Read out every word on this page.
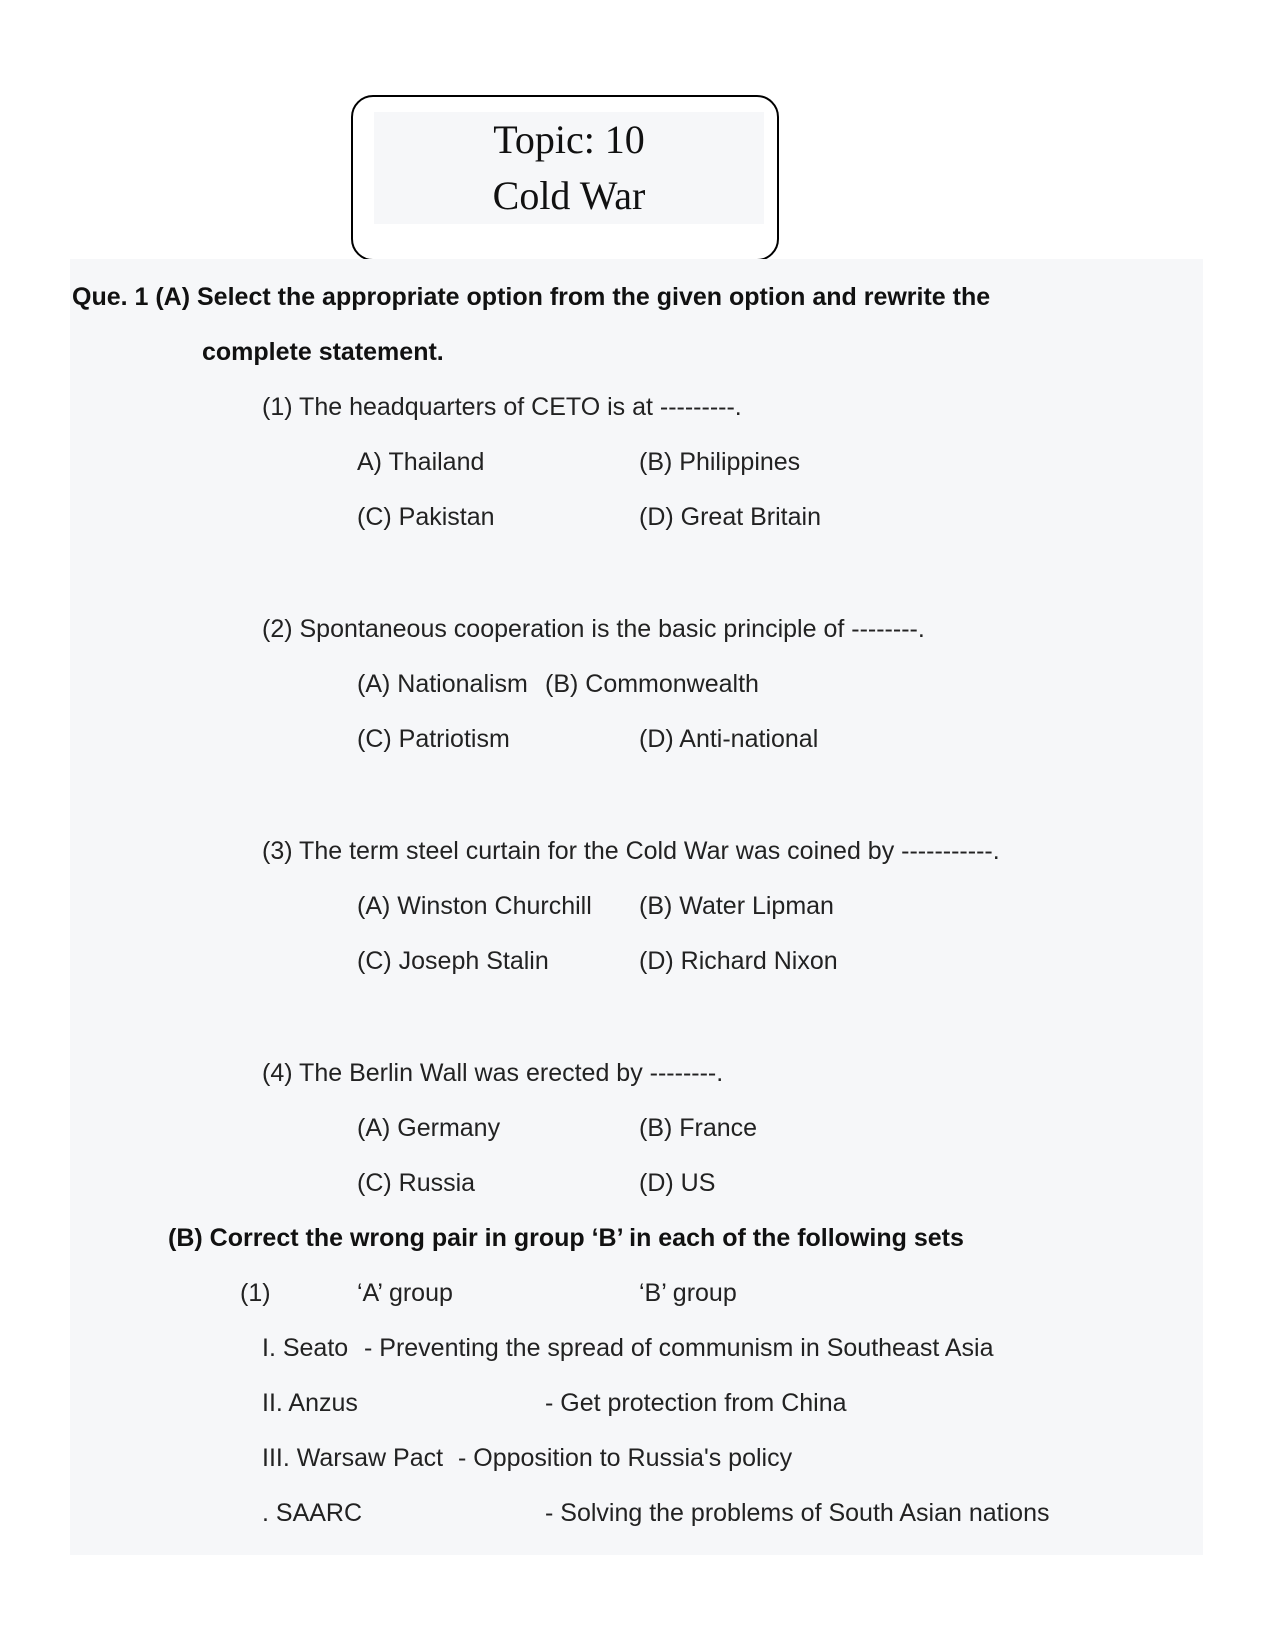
Topic: 10
Cold War
Que. 1 (A) Select the appropriate option from the given option and rewrite the
complete statement.
(1) The headquarters of CETO is at ---------.
A) Thailand	(B) Philippines
(C) Pakistan	(D) Great Britain
(2) Spontaneous cooperation is the basic principle of --------.
(A) Nationalism (B) Commonwealth
(C) Patriotism	(D) Anti-national
(3) The term steel curtain for the Cold War was coined by -----------.
(A) Winston Churchill (B) Water Lipman
(C) Joseph Stalin	(D) Richard Nixon
(4) The Berlin Wall was erected by --------.
(A) Germany	(B) France
(C) Russia	(D) US
(B) Correct the wrong pair in group ‘B’ in each of the following sets
(1)	‘A’ group	‘B’ group
I. Seato - Preventing the spread of communism in Southeast Asia
II. Anzus	- Get protection from China
III. Warsaw Pact - Opposition to Russia's policy
. SAARC	- Solving the problems of South Asian nations
